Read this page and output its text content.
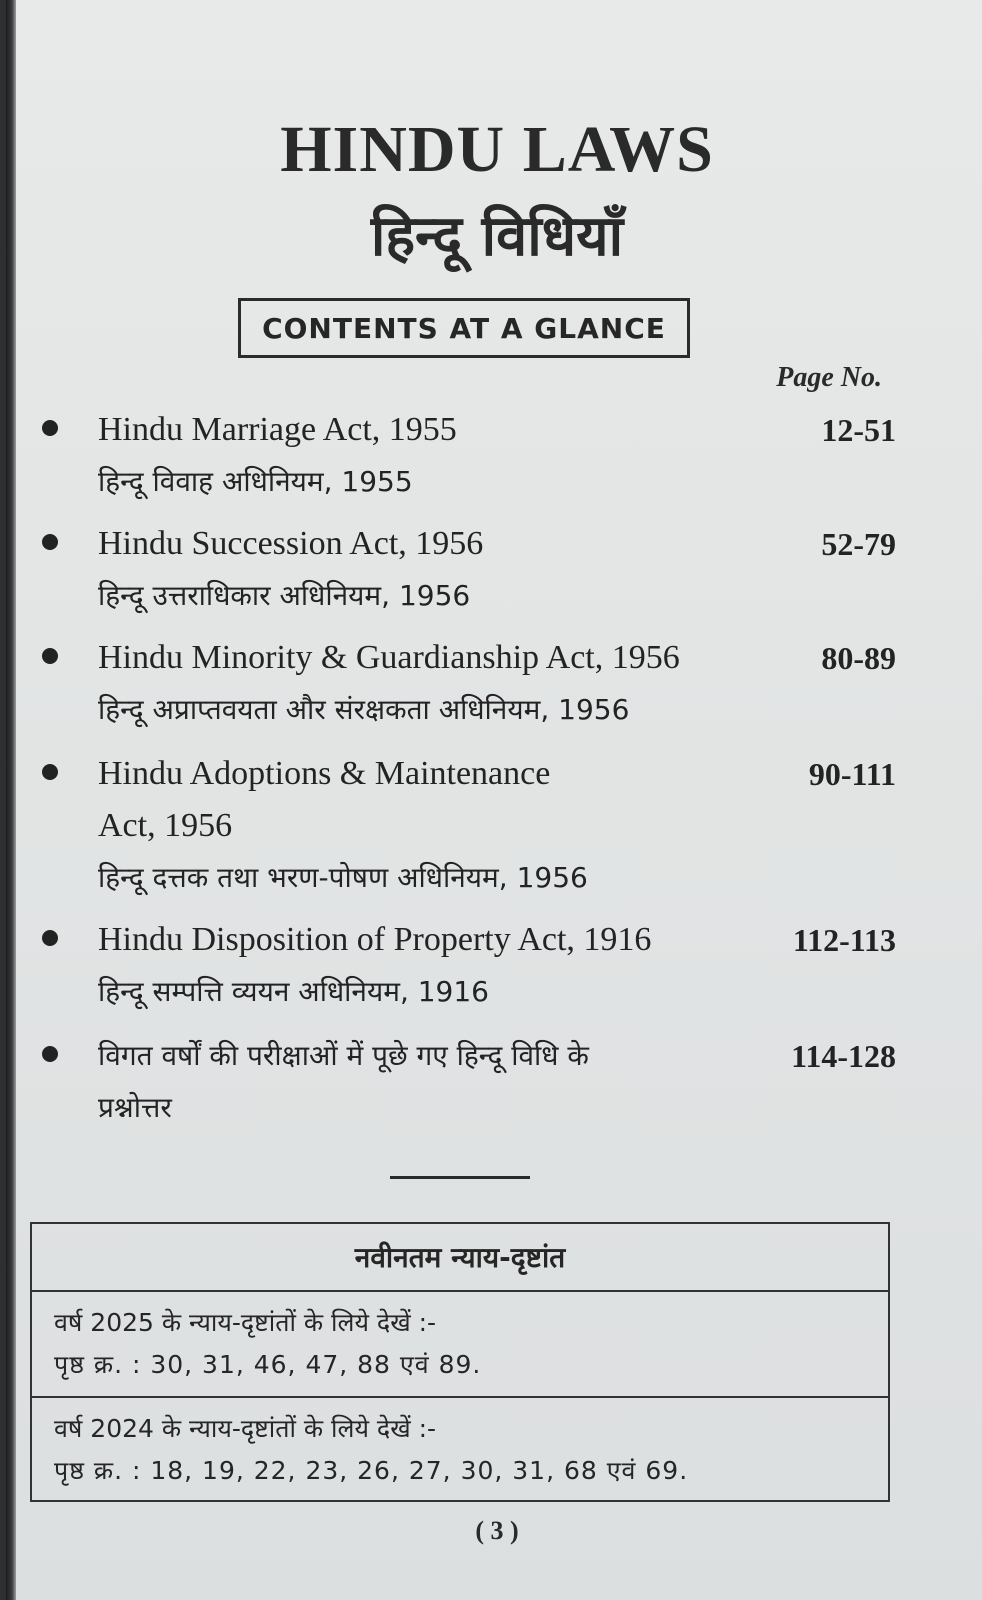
HINDU LAWS
हिन्दू विधियाँ
CONTENTS AT A GLANCE
Page No.
Hindu Marriage Act, 1955
हिन्दू विवाह अधिनियम, 1955
12-51
Hindu Succession Act, 1956
हिन्दू उत्तराधिकार अधिनियम, 1956
52-79
Hindu Minority & Guardianship Act, 1956
हिन्दू अप्राप्तवयता और संरक्षकता अधिनियम, 1956
80-89
Hindu Adoptions & Maintenance
Act, 1956
हिन्दू दत्तक तथा भरण-पोषण अधिनियम, 1956
90-111
Hindu Disposition of Property Act, 1916
हिन्दू सम्पत्ति व्ययन अधिनियम, 1916
112-113
विगत वर्षों की परीक्षाओं में पूछे गए हिन्दू विधि के
प्रश्नोत्तर
114-128
नवीनतम न्याय-दृष्टांत
वर्ष 2025 के न्याय-दृष्टांतों के लिये देखें :-
पृष्ठ क्र. : 30, 31, 46, 47, 88 एवं 89.
वर्ष 2024 के न्याय-दृष्टांतों के लिये देखें :-
पृष्ठ क्र. : 18, 19, 22, 23, 26, 27, 30, 31, 68 एवं 69.
( 3 )
